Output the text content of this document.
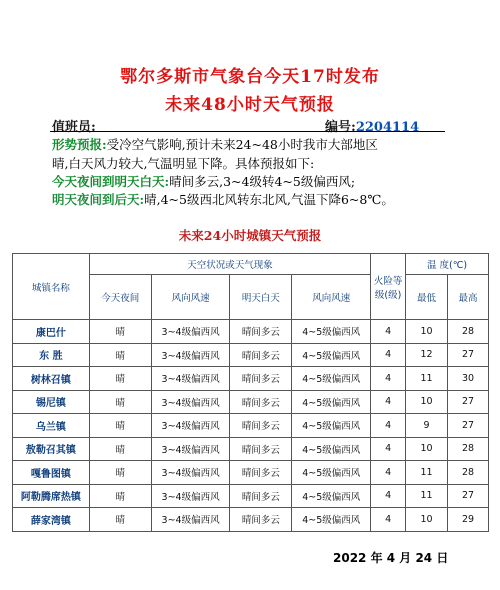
鄂尔多斯市气象台今天17时发布
未来48小时天气预报
值班员:	编号:2204114
形势预报:受冷空气影响,预计未来24~48小时我市大部地区
晴,白天风力较大,气温明显下降。具体预报如下:
今天夜间到明天白天:晴间多云,3~4级转4~5级偏西风;
明天夜间到后天:晴,4~5级西北风转东北风,气温下降6~8℃。
未来24小时城镇天气预报
城镇名称	天空状况或天气现象				火险等级(级)	温 度(℃)	
	今天夜间	风向风速	明天白天	风向风速		最低	最高
康巴什	晴	3~4级偏西风	晴间多云	4~5级偏西风	4	10	28
东 胜	晴	3~4级偏西风	晴间多云	4~5级偏西风	4	12	27
树林召镇	晴	3~4级偏西风	晴间多云	4~5级偏西风	4	11	30
锡尼镇	晴	3~4级偏西风	晴间多云	4~5级偏西风	4	10	27
乌兰镇	晴	3~4级偏西风	晴间多云	4~5级偏西风	4	9	27
敖勒召其镇	晴	3~4级偏西风	晴间多云	4~5级偏西风	4	10	28
嘎鲁图镇	晴	3~4级偏西风	晴间多云	4~5级偏西风	4	11	28
阿勒腾席热镇	晴	3~4级偏西风	晴间多云	4~5级偏西风	4	11	27
薛家湾镇	晴	3~4级偏西风	晴间多云	4~5级偏西风	4	10	29
2022 年 4 月 24 日
